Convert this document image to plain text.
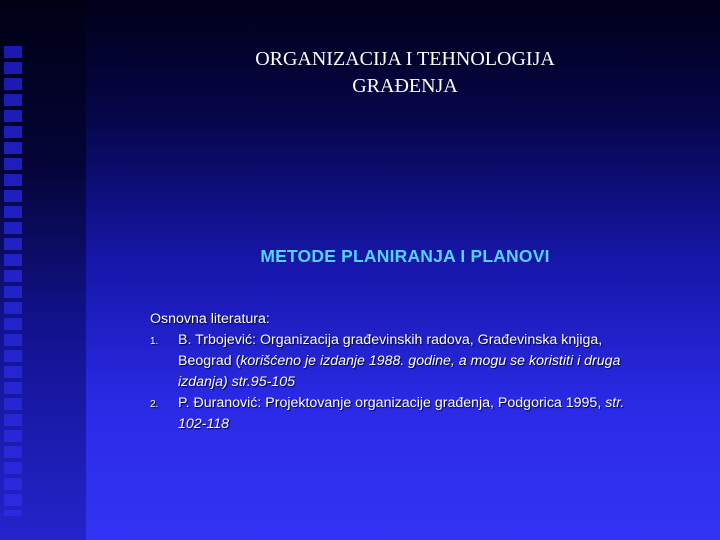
ORGANIZACIJA I TEHNOLOGIJA
GRAĐENJA
METODE PLANIRANJA I PLANOVI
Osnovna literatura:
1. B. Trbojević: Organizacija građevinskih radova, Građevinska knjiga, Beograd (korišćeno je izdanje 1988. godine, a mogu se koristiti i druga izdanja) str.95-105
2. P. Đuranović: Projektovanje organizacije građenja, Podgorica 1995, str. 102-118
